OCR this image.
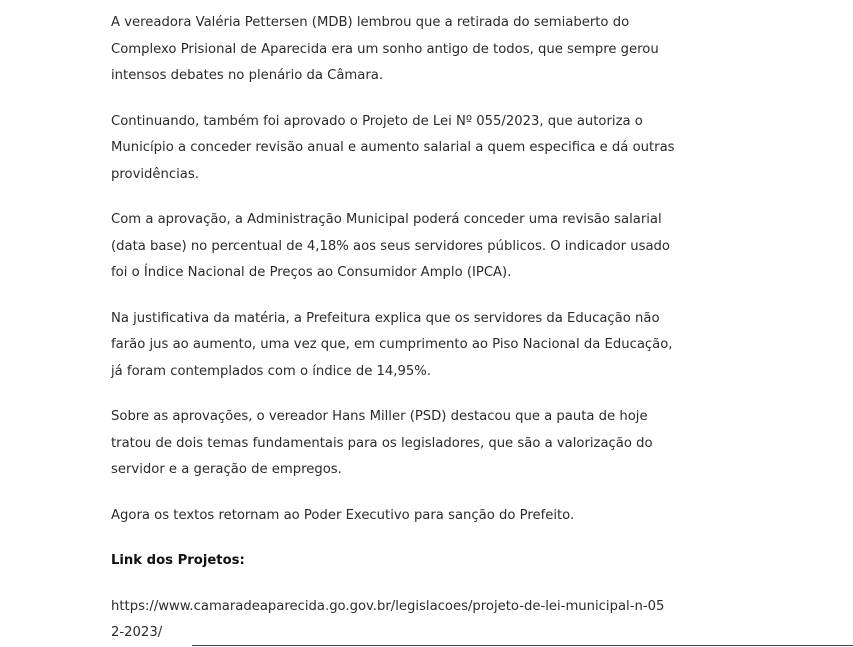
A vereadora Valéria Pettersen (MDB) lembrou que a retirada do semiaberto do Complexo Prisional de Aparecida era um sonho antigo de todos, que sempre gerou intensos debates no plenário da Câmara.

Continuando, também foi aprovado o Projeto de Lei Nº 055/2023, que autoriza o Município a conceder revisão anual e aumento salarial a quem especifica e dá outras providências.

Com a aprovação, a Administração Municipal poderá conceder uma revisão salarial (data base) no percentual de 4,18% aos seus servidores públicos. O indicador usado foi o Índice Nacional de Preços ao Consumidor Amplo (IPCA).

Na justificativa da matéria, a Prefeitura explica que os servidores da Educação não farão jus ao aumento, uma vez que, em cumprimento ao Piso Nacional da Educação, já foram contemplados com o índice de 14,95%.

Sobre as aprovações, o vereador Hans Miller (PSD) destacou que a pauta de hoje tratou de dois temas fundamentais para os legisladores, que são a valorização do servidor e a geração de empregos.

Agora os textos retornam ao Poder Executivo para sanção do Prefeito.

Link dos Projetos:

https://www.camaradeaparecida.go.gov.br/legislacoes/projeto-de-lei-municipal-n-052-2023/
